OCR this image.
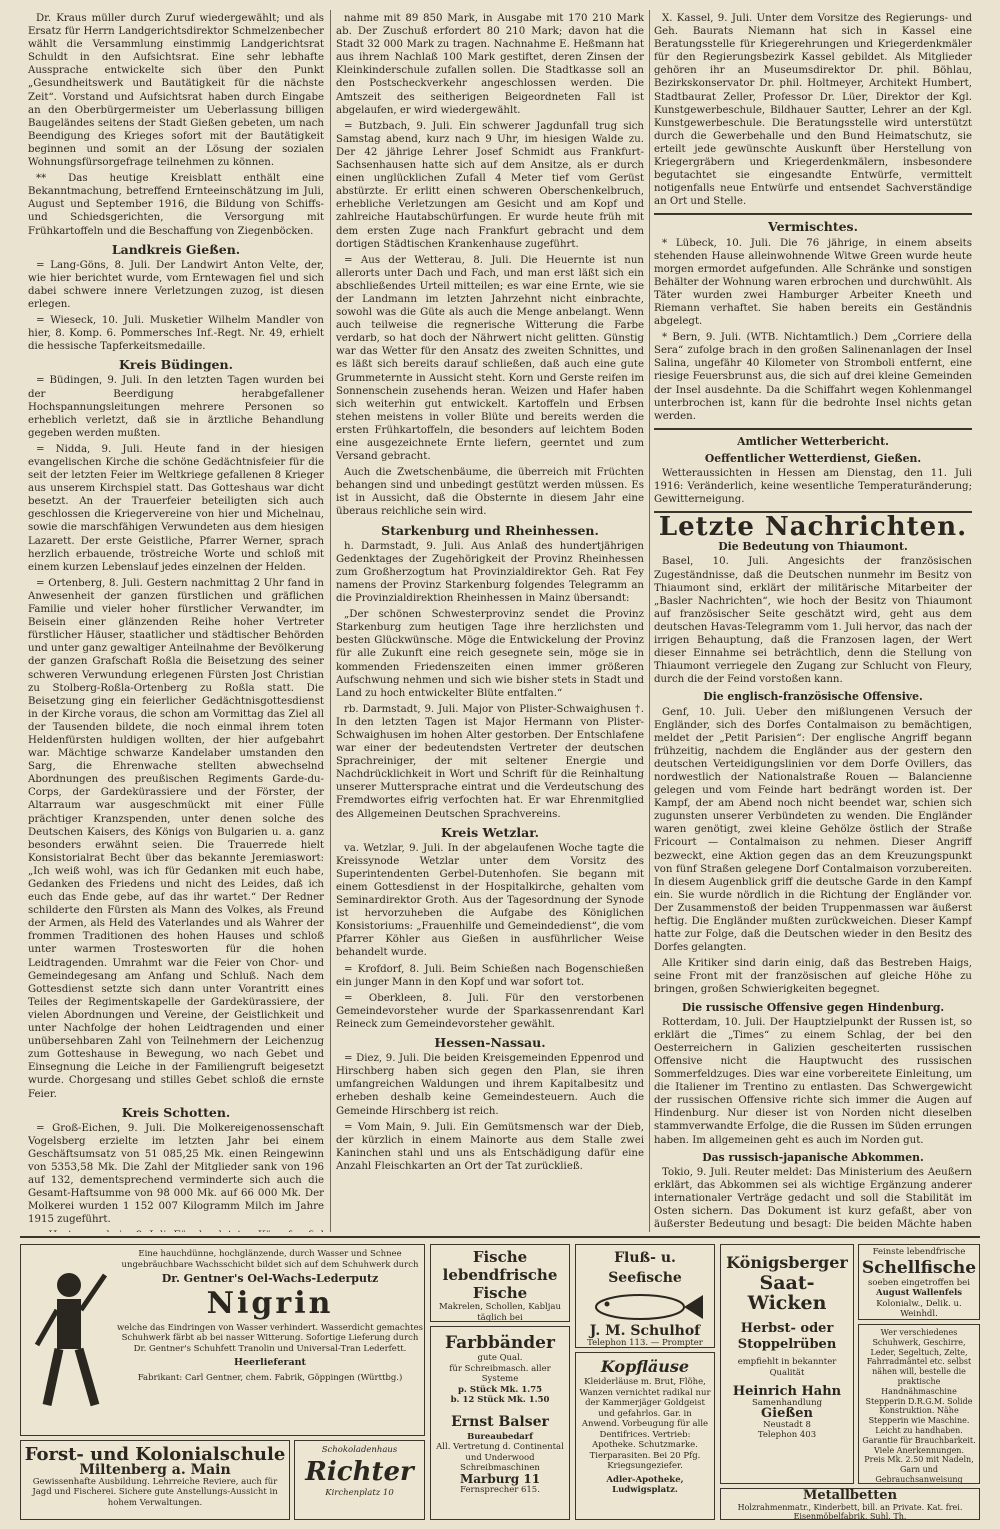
Dr. Kraus müller durch Zuruf wiedergewählt; und als Ersatz für Herrn Landgerichtsdirektor Schmelzenbecher wählt die Versammlung einstimmig Landgerichtsrat Schuldt in den Aufsichtsrat. Eine sehr lebhafte Aussprache entwickelte sich über den Punkt „Gesundheitswerk und Bautätigkeit für die nächste Zeit“. Vorstand und Aufsichtsrat haben durch Eingabe an den Oberbürgermeister um Ueberlassung billigen Baugeländes seitens der Stadt Gießen gebeten, um nach Beendigung des Krieges sofort mit der Bautätigkeit beginnen und somit an der Lösung der sozialen Wohnungsfürsorgefrage teilnehmen zu können.

** Das heutige Kreisblatt enthält eine Bekanntmachung, betreffend Ernteeinschätzung im Juli, August und September 1916, die Bildung von Schiffs- und Schiedsgerichten, die Versorgung mit Frühkartoffeln und die Beschaffung von Ziegenböcken.

Landkreis Gießen.

= Lang-Göns, 8. Juli. Der Landwirt Anton Velte, der, wie hier berichtet wurde, vom Erntewagen fiel und sich dabei schwere innere Verletzungen zuzog, ist diesen erlegen.

= Wieseck, 10. Juli. Musketier Wilhelm Mandler von hier, 8. Komp. 6. Pommersches Inf.-Regt. Nr. 49, erhielt die hessische Tapferkeitsmedaille.

Kreis Büdingen.

= Büdingen, 9. Juli. In den letzten Tagen wurden bei der Beerdigung herabgefallener Hochspannungsleitungen mehrere Personen so erheblich verletzt, daß sie in ärztliche Behandlung gegeben werden mußten.

= Nidda, 9. Juli. Heute fand in der hiesigen evangelischen Kirche die schöne Gedächtnisfeier für die seit der letzten Feier im Weltkriege gefallenen 8 Krieger aus unserem Kirchspiel statt. Das Gotteshaus war dicht besetzt. An der Trauerfeier beteiligten sich auch geschlossen die Kriegervereine von hier und Michelnau, sowie die marschfähigen Verwundeten aus dem hiesigen Lazarett. Der erste Geistliche, Pfarrer Werner, sprach herzlich erbauende, tröstreiche Worte und schloß mit einem kurzen Lebenslauf jedes einzelnen der Helden.

= Ortenberg, 8. Juli. Gestern nachmittag 2 Uhr fand in Anwesenheit der ganzen fürstlichen und gräflichen Familie und vieler hoher fürstlicher Verwandter, im Beisein einer glänzenden Reihe hoher Vertreter fürstlicher Häuser, staatlicher und städtischer Behörden und unter ganz gewaltiger Anteilnahme der Bevölkerung der ganzen Grafschaft Roßla die Beisetzung des seiner schweren Verwundung erlegenen Fürsten Jost Christian zu Stolberg-Roßla-Ortenberg zu Roßla statt. Die Beisetzung ging ein feierlicher Gedächtnisgottesdienst in der Kirche voraus, die schon am Vormittag das Ziel all der Tausenden bildete, die noch einmal ihrem toten Heldenfürsten huldigen wollten, der hier aufgebahrt war. Mächtige schwarze Kandelaber umstanden den Sarg, die Ehrenwache stellten abwechselnd Abordnungen des preußischen Regiments Garde-du-Corps, der Gardekürassiere und der Förster, der Altarraum war ausgeschmückt mit einer Fülle prächtiger Kranzspenden, unter denen solche des Deutschen Kaisers, des Königs von Bulgarien u. a. ganz besonders erwähnt seien. Die Trauerrede hielt Konsistorialrat Becht über das bekannte Jeremiaswort: „Ich weiß wohl, was ich für Gedanken mit euch habe, Gedanken des Friedens und nicht des Leides, daß ich euch das Ende gebe, auf das ihr wartet.“ Der Redner schilderte den Fürsten als Mann des Volkes, als Freund der Armen, als Held des Vaterlandes und als Wahrer der frommen Traditionen des hohen Hauses und schloß unter warmen Trostesworten für die hohen Leidtragenden. Umrahmt war die Feier von Chor- und Gemeindegesang am Anfang und Schluß. Nach dem Gottesdienst setzte sich dann unter Vorantritt eines Teiles der Regimentskapelle der Gardekürassiere, der vielen Abordnungen und Vereine, der Geistlichkeit und unter Nachfolge der hohen Leidtragenden und einer unübersehbaren Zahl von Teilnehmern der Leichenzug zum Gotteshause in Bewegung, wo nach Gebet und Einsegnung die Leiche in der Familiengruft beigesetzt wurde. Chorgesang und stilles Gebet schloß die ernste Feier.

Kreis Schotten.

= Groß-Eichen, 9. Juli. Die Molkereigenossenschaft Vogelsberg erzielte im letzten Jahr bei einem Geschäftsumsatz von 51 085,25 Mk. einen Reingewinn von 5353,58 Mk. Die Zahl der Mitglieder sank von 196 auf 132, dementsprechend verminderte sich auch die Gesamt-Haftsumme von 98 000 Mk. auf 66 000 Mk. Der Molkerei wurden 1 152 007 Kilogramm Milch im Jahre 1915 zugeführt.

nahme mit 89 850 Mark, in Ausgabe mit 170 210 Mark ab. Der Zuschuß erfordert 80 210 Mark; davon hat die Stadt 32 000 Mark zu tragen. Nachnahme E. Heßmann hat aus ihrem Nachlaß 100 Mark gestiftet, deren Zinsen der Kleinkinderschule zufallen sollen. Die Stadtkasse soll an den Postscheckverkehr angeschlossen werden. Die Amtszeit des seitherigen Beigeordneten Fall ist abgelaufen, er wird wiedergewählt.

= Butzbach, 9. Juli. Ein schwerer Jagdunfall trug sich Samstag abend, kurz nach 9 Uhr, im hiesigen Walde zu. Der 42 jährige Lehrer Josef Schmidt aus Frankfurt-Sachsenhausen hatte sich auf dem Ansitze, als er durch einen unglücklichen Zufall 4 Meter tief vom Gerüst abstürzte. Er erlitt einen schweren Oberschenkelbruch, erhebliche Verletzungen am Gesicht und am Kopf und zahlreiche Hautabschürfungen. Er wurde heute früh mit dem ersten Zuge nach Frankfurt gebracht und dem dortigen Städtischen Krankenhause zugeführt.

= Aus der Wetterau, 8. Juli. Die Heuernte ist nun allerorts unter Dach und Fach, und man erst läßt sich ein abschließendes Urteil mitteilen; es war eine Ernte, wie sie der Landmann im letzten Jahrzehnt nicht einbrachte, sowohl was die Güte als auch die Menge anbelangt. Wenn auch teilweise die regnerische Witterung die Farbe verdarb, so hat doch der Nährwert nicht gelitten. Günstig war das Wetter für den Ansatz des zweiten Schnittes, und es läßt sich bereits darauf schließen, daß auch eine gute Grummeternte in Aussicht steht. Korn und Gerste reifen im Sonnenschein zusehends heran. Weizen und Hafer haben sich weiterhin gut entwickelt. Kartoffeln und Erbsen stehen meistens in voller Blüte und bereits werden die ersten Frühkartoffeln, die besonders auf leichtem Boden eine ausgezeichnete Ernte liefern, geerntet und zum Versand gebracht.

Auch die Zwetschenbäume, die überreich mit Früchten behangen sind und unbedingt gestützt werden müssen. Es ist in Aussicht, daß die Obsternte in diesem Jahr eine überaus reichliche sein wird.

Starkenburg und Rheinhessen.

h. Darmstadt, 9. Juli. Aus Anlaß des hundertjährigen Gedenktages der Zugehörigkeit der Provinz Rheinhessen zum Großherzogtum hat Provinzialdirektor Geh. Rat Fey namens der Provinz Starkenburg folgendes Telegramm an die Provinzialdirektion Rheinhessen in Mainz übersandt:

„Der schönen Schwesterprovinz sendet die Provinz Starkenburg zum heutigen Tage ihre herzlichsten und besten Glückwünsche. Möge die Entwickelung der Provinz für alle Zukunft eine reich gesegnete sein, möge sie in kommenden Friedenszeiten einen immer größeren Aufschwung nehmen und sich wie bisher stets in Stadt und Land zu hoch entwickelter Blüte entfalten.“

rb. Darmstadt, 9. Juli. Major von Plister-Schwaighusen †. In den letzten Tagen ist Major Hermann von Plister-Schwaighusen im hohen Alter gestorben. Der Entschlafene war einer der bedeutendsten Vertreter der deutschen Sprachreiniger, der mit seltener Energie und Nachdrücklichkeit in Wort und Schrift für die Reinhaltung unserer Muttersprache eintrat und die Verdeutschung des Fremdwortes eifrig verfochten hat. Er war Ehrenmitglied des Allgemeinen Deutschen Sprachvereins.

Kreis Wetzlar.

va. Wetzlar, 9. Juli. In der abgelaufenen Woche tagte die Kreissynode Wetzlar unter dem Vorsitz des Superintendenten Gerbel-Dutenhofen. Sie begann mit einem Gottesdienst in der Hospitalkirche, gehalten vom Seminardirektor Groth. Aus der Tagesordnung der Synode ist hervorzuheben die Aufgabe des Königlichen Konsistoriums: „Frauenhilfe und Gemeindedienst“, die vom Pfarrer Köhler aus Gießen in ausführlicher Weise behandelt wurde.

= Krofdorf, 8. Juli. Beim Schießen nach Bogenschießen ein junger Mann in den Kopf und war sofort tot.

= Oberkleen, 8. Juli. Für den verstorbenen Gemeindevorsteher wurde der Sparkassenrendant Karl Reineck zum Gemeindevorsteher gewählt.

Hessen-Nassau.

= Diez, 9. Juli. Die beiden Kreisgemeinden Eppenrod und Hirschberg haben sich gegen den Plan, sie ihren umfangreichen Waldungen und ihrem Kapitalbesitz und erheben deshalb keine Gemeindesteuern. Auch die Gemeinde Hirschberg ist reich.

= Vom Main, 9. Juli. Ein Gemütsmensch war der Dieb, der kürzlich in einem Mainorte aus dem Stalle zwei Kaninchen stahl und uns als Entschädigung dafür eine Anzahl Fleischkarten an Ort der Tat zurückließ.

X. Kassel, 9. Juli. Unter dem Vorsitze des Regierungs- und Geh. Baurats Niemann hat sich in Kassel eine Beratungsstelle für Kriegerehrungen und Kriegerdenkmäler für den Regierungsbezirk Kassel gebildet. Als Mitglieder gehören ihr an Museumsdirektor Dr. phil. Böhlau, Bezirkskonservator Dr. phil. Holtmeyer, Architekt Humbert, Stadtbaurat Zeller, Professor Dr. Lüer, Direktor der Kgl. Kunstgewerbeschule, Bildhauer Sautter, Lehrer an der Kgl. Kunstgewerbeschule. Die Beratungsstelle wird unterstützt durch die Gewerbehalle und den Bund Heimatschutz, sie erteilt jede gewünschte Auskunft über Herstellung von Kriegergräbern und Kriegerdenkmälern, insbesondere begutachtet sie eingesandte Entwürfe, vermittelt notigenfalls neue Entwürfe und entsendet Sachverständige an Ort und Stelle.

Vermischtes.

* Lübeck, 10. Juli. Die 76 jährige, in einem abseits stehenden Hause alleinwohnende Witwe Green wurde heute morgen ermordet aufgefunden. Alle Schränke und sonstigen Behälter der Wohnung waren erbrochen und durchwühlt. Als Täter wurden zwei Hamburger Arbeiter Kneeth und Riemann verhaftet. Sie haben bereits ein Geständnis abgelegt.

* Bern, 9. Juli. (WTB. Nichtamtlich.) Dem „Corriere della Sera“ zufolge brach in den großen Salinenanlagen der Insel Salina, ungefähr 40 Kilometer von Stromboli entfernt, eine riesige Feuersbrunst aus, die sich auf drei kleine Gemeinden der Insel ausdehnte. Da die Schiffahrt wegen Kohlenmangel unterbrochen ist, kann für die bedrohte Insel nichts getan werden.

Amtlicher Wetterbericht.
Oeffentlicher Wetterdienst, Gießen.

Wetteraussichten in Hessen am Dienstag, den 11. Juli 1916: Veränderlich, keine wesentliche Temperaturänderung; Gewitterneigung.

Letzte Nachrichten.
Die Bedeutung von Thiaumont.

Basel, 10. Juli. Angesichts der französischen Zugeständnisse, daß die Deutschen nunmehr im Besitz von Thiaumont sind, erklärt der militärische Mitarbeiter der „Basler Nachrichten“, wie hoch der Besitz von Thiaumont auf französischer Seite geschätzt wird, geht aus dem deutschen Havas-Telegramm vom 1. Juli hervor, das nach der irrigen Behauptung, daß die Franzosen lagen, der Wert dieser Einnahme sei beträchtlich, denn die Stellung von Thiaumont verriegele den Zugang zur Schlucht von Fleury, durch die der Feind vorstoßen kann.

Die englisch-französische Offensive.

Genf, 10. Juli. Ueber den mißlungenen Versuch der Engländer, sich des Dorfes Contalmaison zu bemächtigen, meldet der „Petit Parisien“: Der englische Angriff begann frühzeitig, nachdem die Engländer aus der gestern den deutschen Verteidigungslinien vor dem Dorfe Ovillers, das nordwestlich der Nationalstraße Rouen — Balancienne gelegen und vom Feinde hart bedrängt worden ist. Der Kampf, der am Abend noch nicht beendet war, schien sich zugunsten unserer Verbündeten zu wenden. Die Engländer waren genötigt, zwei kleine Gehölze östlich der Straße Fricourt — Contalmaison zu nehmen. Dieser Angriff bezweckt, eine Aktion gegen das an dem Kreuzungspunkt von fünf Straßen gelegene Dorf Contalmaison vorzubereiten. In diesem Augenblick griff die deutsche Garde in den Kampf ein. Sie wurde nördlich in die Richtung der Engländer vor. Der Zusammenstoß der beiden Truppenmassen war äußerst heftig. Die Engländer mußten zurückweichen. Dieser Kampf hatte zur Folge, daß die Deutschen wieder in den Besitz des Dorfes gelangten.

Alle Kritiker sind darin einig, daß das Bestreben Haigs, seine Front mit der französischen auf gleiche Höhe zu bringen, großen Schwierigkeiten begegnet.

Die russische Offensive gegen Hindenburg.

Rotterdam, 10. Juli. Der Hauptzielpunkt der Russen ist, so erklärt die „Times“ zu einem Schlag, der bei den Oesterreichern in Galizien gescheiterten russischen Offensive nicht die Hauptwucht des russischen Sommerfeldzuges. Dies war eine vorbereitete Einleitung, um die Italiener im Trentino zu entlasten. Das Schwergewicht der russischen Offensive richte sich immer die Augen auf Hindenburg. Nur dieser ist von Norden nicht dieselben stammverwandte Erfolge, die die Russen im Süden errungen haben. Im allgemeinen geht es auch im Norden gut.

Das russisch-japanische Abkommen.

Tokio, 9. Juli. Reuter meldet: Das Ministerium des Aeußern erklärt, das Abkommen sei als wichtige Ergänzung anderer internationaler Verträge gedacht und soll die Stabilität im Osten sichern. Das Dokument ist kurz gefaßt, aber von äußerster Bedeutung und besagt: Die beiden Mächte haben

Eine hauchdünne, hochglänzende, durch Wasser und Schnee ungebräuchbare Wachsschicht bildet sich auf dem Schuhwerk durch
Dr. Gentner's Oel-Wachs-Lederputz
Nigrin
welche das Eindringen von Wasser verhindert. Wasserdicht gemachtes Schuhwerk färbt ab bei nasser Witterung. Sofortige Lieferung durch Dr. Gentner's Schuhfett Tranolin und Universal-Tran Lederfett.
Heerlieferant
Fabrikant: Carl Gentner, chem. Fabrik, Göppingen (Württbg.)
Forst- und Kolonialschule
Miltenberg a. Main
Gewissenhafte Ausbildung. Lehrreiche Reviere, auch für Jagd und Fischerei. Sichere gute Anstellungs-Aussicht in hohem Verwaltungen.
Schokoladenhaus
Richter
Kirchenplatz 10
Fische lebendfrische Fische
Makrelen, Schollen, Kabljau täglich bei
Farbbänder
gute Qual.
für Schreibmasch. aller Systeme
p. Stück Mk. 1.75
b. 12 Stück Mk. 1.50
Ernst Balser
Bureaubedarf
All. Vertretung d. Continental und Underwood Schreibmaschinen
Marburg 11
Fernsprecher 615.
Fluß- u. Seefische
J. M. Schulhof
Telephon 113. — Prompter
Kopfläuse
Kleiderläuse m. Brut, Flöhe, Wanzen vernichtet radikal nur der Kammerjäger Goldgeist und gefahrlos. Gar. in Anwend. Vorbeugung für alle Dentifrices. Vertrieb: Apotheke. Schutzmarke. Tierparasiten. Bei 20 Pfg. Kriegsungeziefer.
Adler-Apotheke, Ludwigsplatz.
Königsberger
Saat-Wicken
Herbst- oder Stoppelrüben
empfiehlt in bekannter Qualität
Heinrich Hahn
Samenhandlung
Gießen
Neustadt 8
Telephon 403
Feinste lebendfrische
Schellfische
soeben eingetroffen bei
August Wallenfels
Kolonialw., Delik. u. Weinhdl.
Wer verschiedenes Schuhwerk, Geschirre, Leder, Segeltuch, Zelte, Fahrradmäntel etc. selbst nähen will, bestelle die praktische Handnähmaschine Stepperin D.R.G.M. Solide Konstruktion. Nähe Stepperin wie Maschine. Leicht zu handhaben. Garantie für Brauchbarkeit. Viele Anerkennungen.
Preis Mk. 2.50 mit Nadeln, Garn und Gebrauchsanweisung
Metallbetten
Holzrahmenmatr., Kinderbett, bill. an Private. Kat. frei.
Eisenmöbelfabrik, Suhl. Th.
